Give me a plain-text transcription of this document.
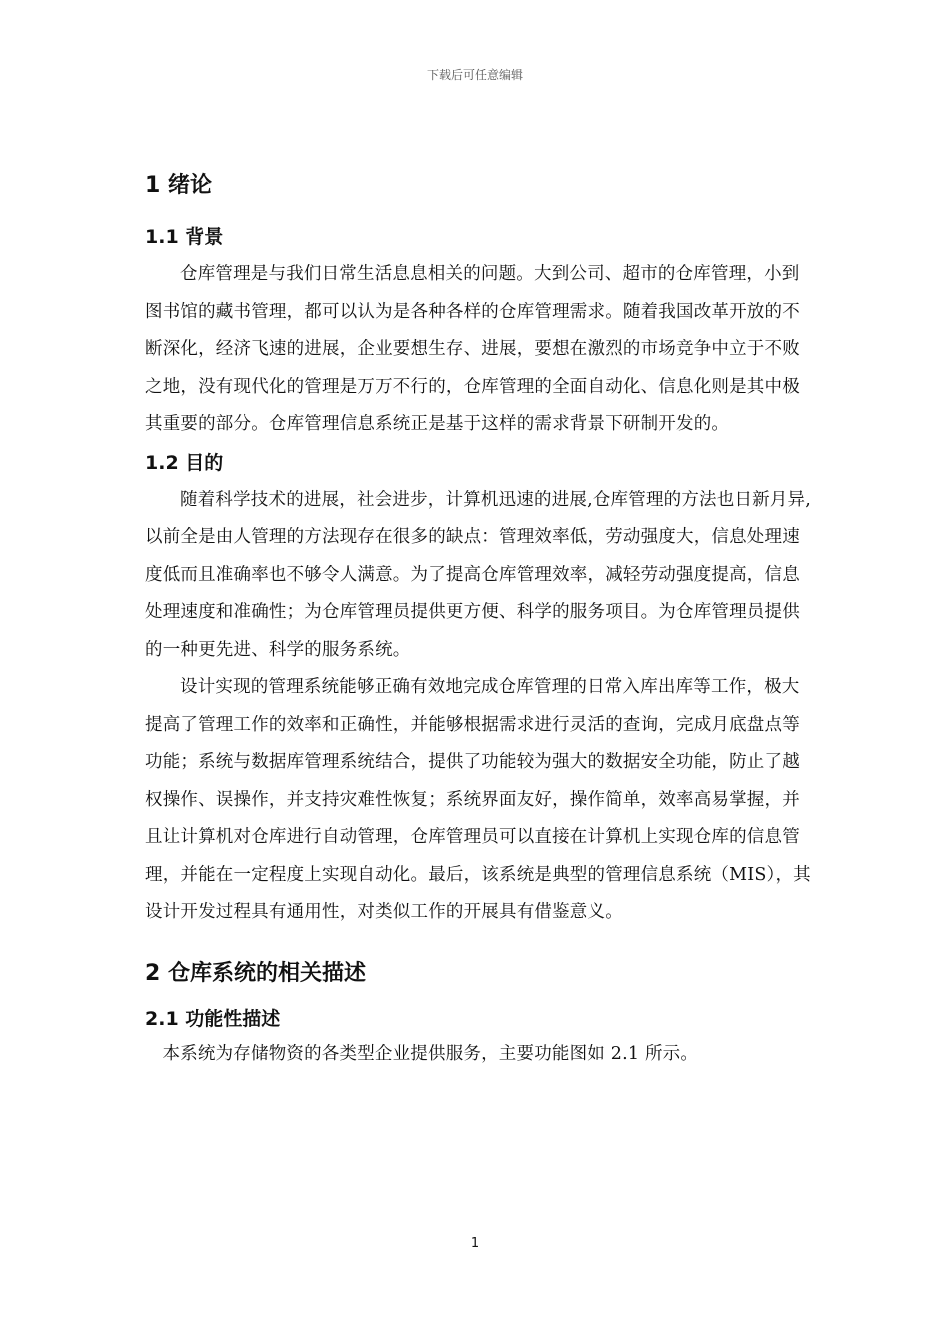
下载后可任意编辑
1 绪论
1.1 背景

仓库管理是与我们日常生活息息相关的问题。大到公司、超市的仓库管理，小到图书馆的藏书管理，都可以认为是各种各样的仓库管理需求。随着我国改革开放的不断深化，经济飞速的进展，企业要想生存、进展，要想在激烈的市场竞争中立于不败之地，没有现代化的管理是万万不行的，仓库管理的全面自动化、信息化则是其中极其重要的部分。仓库管理信息系统正是基于这样的需求背景下研制开发的。

1.2 目的

随着科学技术的进展，社会进步，计算机迅速的进展,仓库管理的方法也日新月异,以前全是由人管理的方法现存在很多的缺点：管理效率低，劳动强度大，信息处理速度低而且准确率也不够令人满意。为了提高仓库管理效率，减轻劳动强度提高，信息处理速度和准确性；为仓库管理员提供更方便、科学的服务项目。为仓库管理员提供的一种更先进、科学的服务系统。

设计实现的管理系统能够正确有效地完成仓库管理的日常入库出库等工作，极大提高了管理工作的效率和正确性，并能够根据需求进行灵活的查询，完成月底盘点等功能；系统与数据库管理系统结合，提供了功能较为强大的数据安全功能，防止了越权操作、误操作，并支持灾难性恢复；系统界面友好，操作简单，效率高易掌握，并且让计算机对仓库进行自动管理，仓库管理员可以直接在计算机上实现仓库的信息管理，并能在一定程度上实现自动化。最后，该系统是典型的管理信息系统（MIS），其设计开发过程具有通用性，对类似工作的开展具有借鉴意义。

2 仓库系统的相关描述
2.1 功能性描述

本系统为存储物资的各类型企业提供服务，主要功能图如 2.1 所示。

1
